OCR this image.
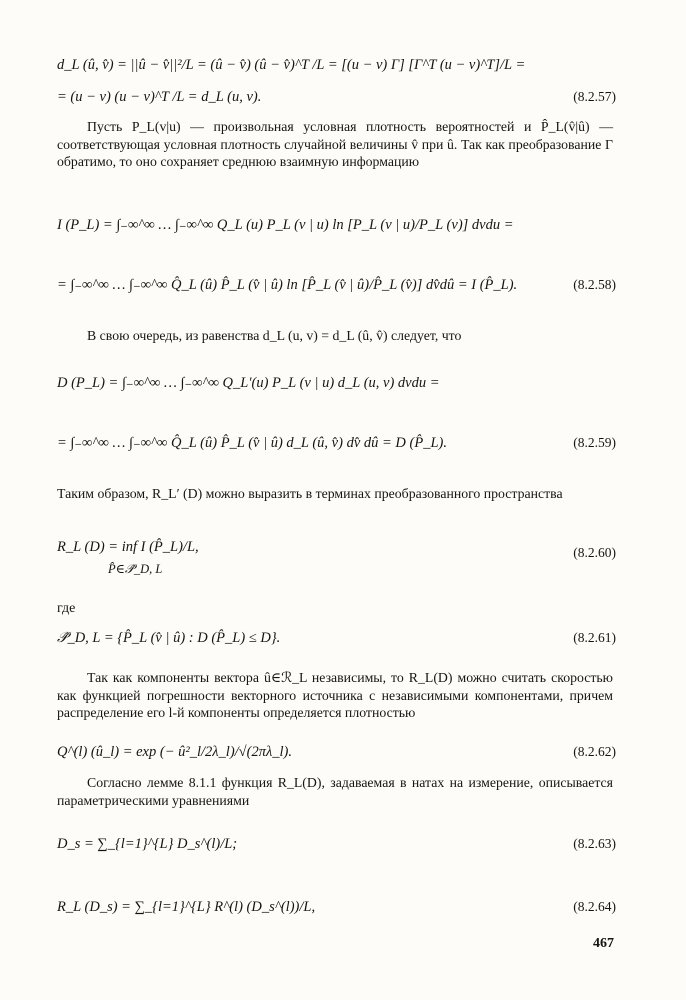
d_L (û, v̂) = ||û − v̂||²/L = (û − v̂) (û − v̂)^T /L = [(u − v) Γ] [Γ^T (u − v)^T]/L =
= (u − v) (u − v)^T /L = d_L (u, v).	(8.2.57)
Пусть P_L(v|u) — произвольная условная плотность вероятностей и P̂_L(v̂|û) — соответствующая условная плотность случайной величины v̂ при û. Так как преобразование Γ обратимо, то оно сохраняет среднюю взаимную информацию
I (P_L) = ∫₋∞^∞ … ∫₋∞^∞ Q_L (u) P_L (v | u) ln [P_L (v | u)/P_L (v)] dvdu =
= ∫₋∞^∞ … ∫₋∞^∞ Q̂_L (û) P̂_L (v̂ | û) ln [P̂_L (v̂ | û)/P̂_L (v̂)] dv̂dû = I (P̂_L).	(8.2.58)
В свою очередь, из равенства d_L (u, v) = d_L (û, v̂) следует, что
D (P_L) = ∫₋∞^∞ … ∫₋∞^∞ Q_L′(u) P_L (v | u) d_L (u, v) dvdu =
= ∫₋∞^∞ … ∫₋∞^∞ Q̂_L (û) P̂_L (v̂ | û) d_L (û, v̂) dv̂ dû = D (P̂_L).	(8.2.59)
Таким образом, R_L′ (D) можно выразить в терминах преобразованного пространства
R_L (D) = inf I (P̂_L)/L,
P̂∈𝒫̂_D, L
(8.2.60)
где
𝒫̂_D, L = {P̂_L (v̂ | û) : D (P̂_L) ≤ D}.	(8.2.61)
Так как компоненты вектора û∈ℛ_L независимы, то R_L(D) можно считать скоростью как функцией погрешности векторного источника с независимыми компонентами, причем распределение его l-й компоненты определяется плотностью
Q^(l) (û_l) = exp (− û²_l/2λ_l)/√(2πλ_l).	(8.2.62)
Согласно лемме 8.1.1 функция R_L(D), задаваемая в натах на измерение, описывается параметрическими уравнениями
D_s = ∑_{l=1}^{L} D_s^(l)/L;	(8.2.63)
R_L (D_s) = ∑_{l=1}^{L} R^(l) (D_s^(l))/L,	(8.2.64)
467
